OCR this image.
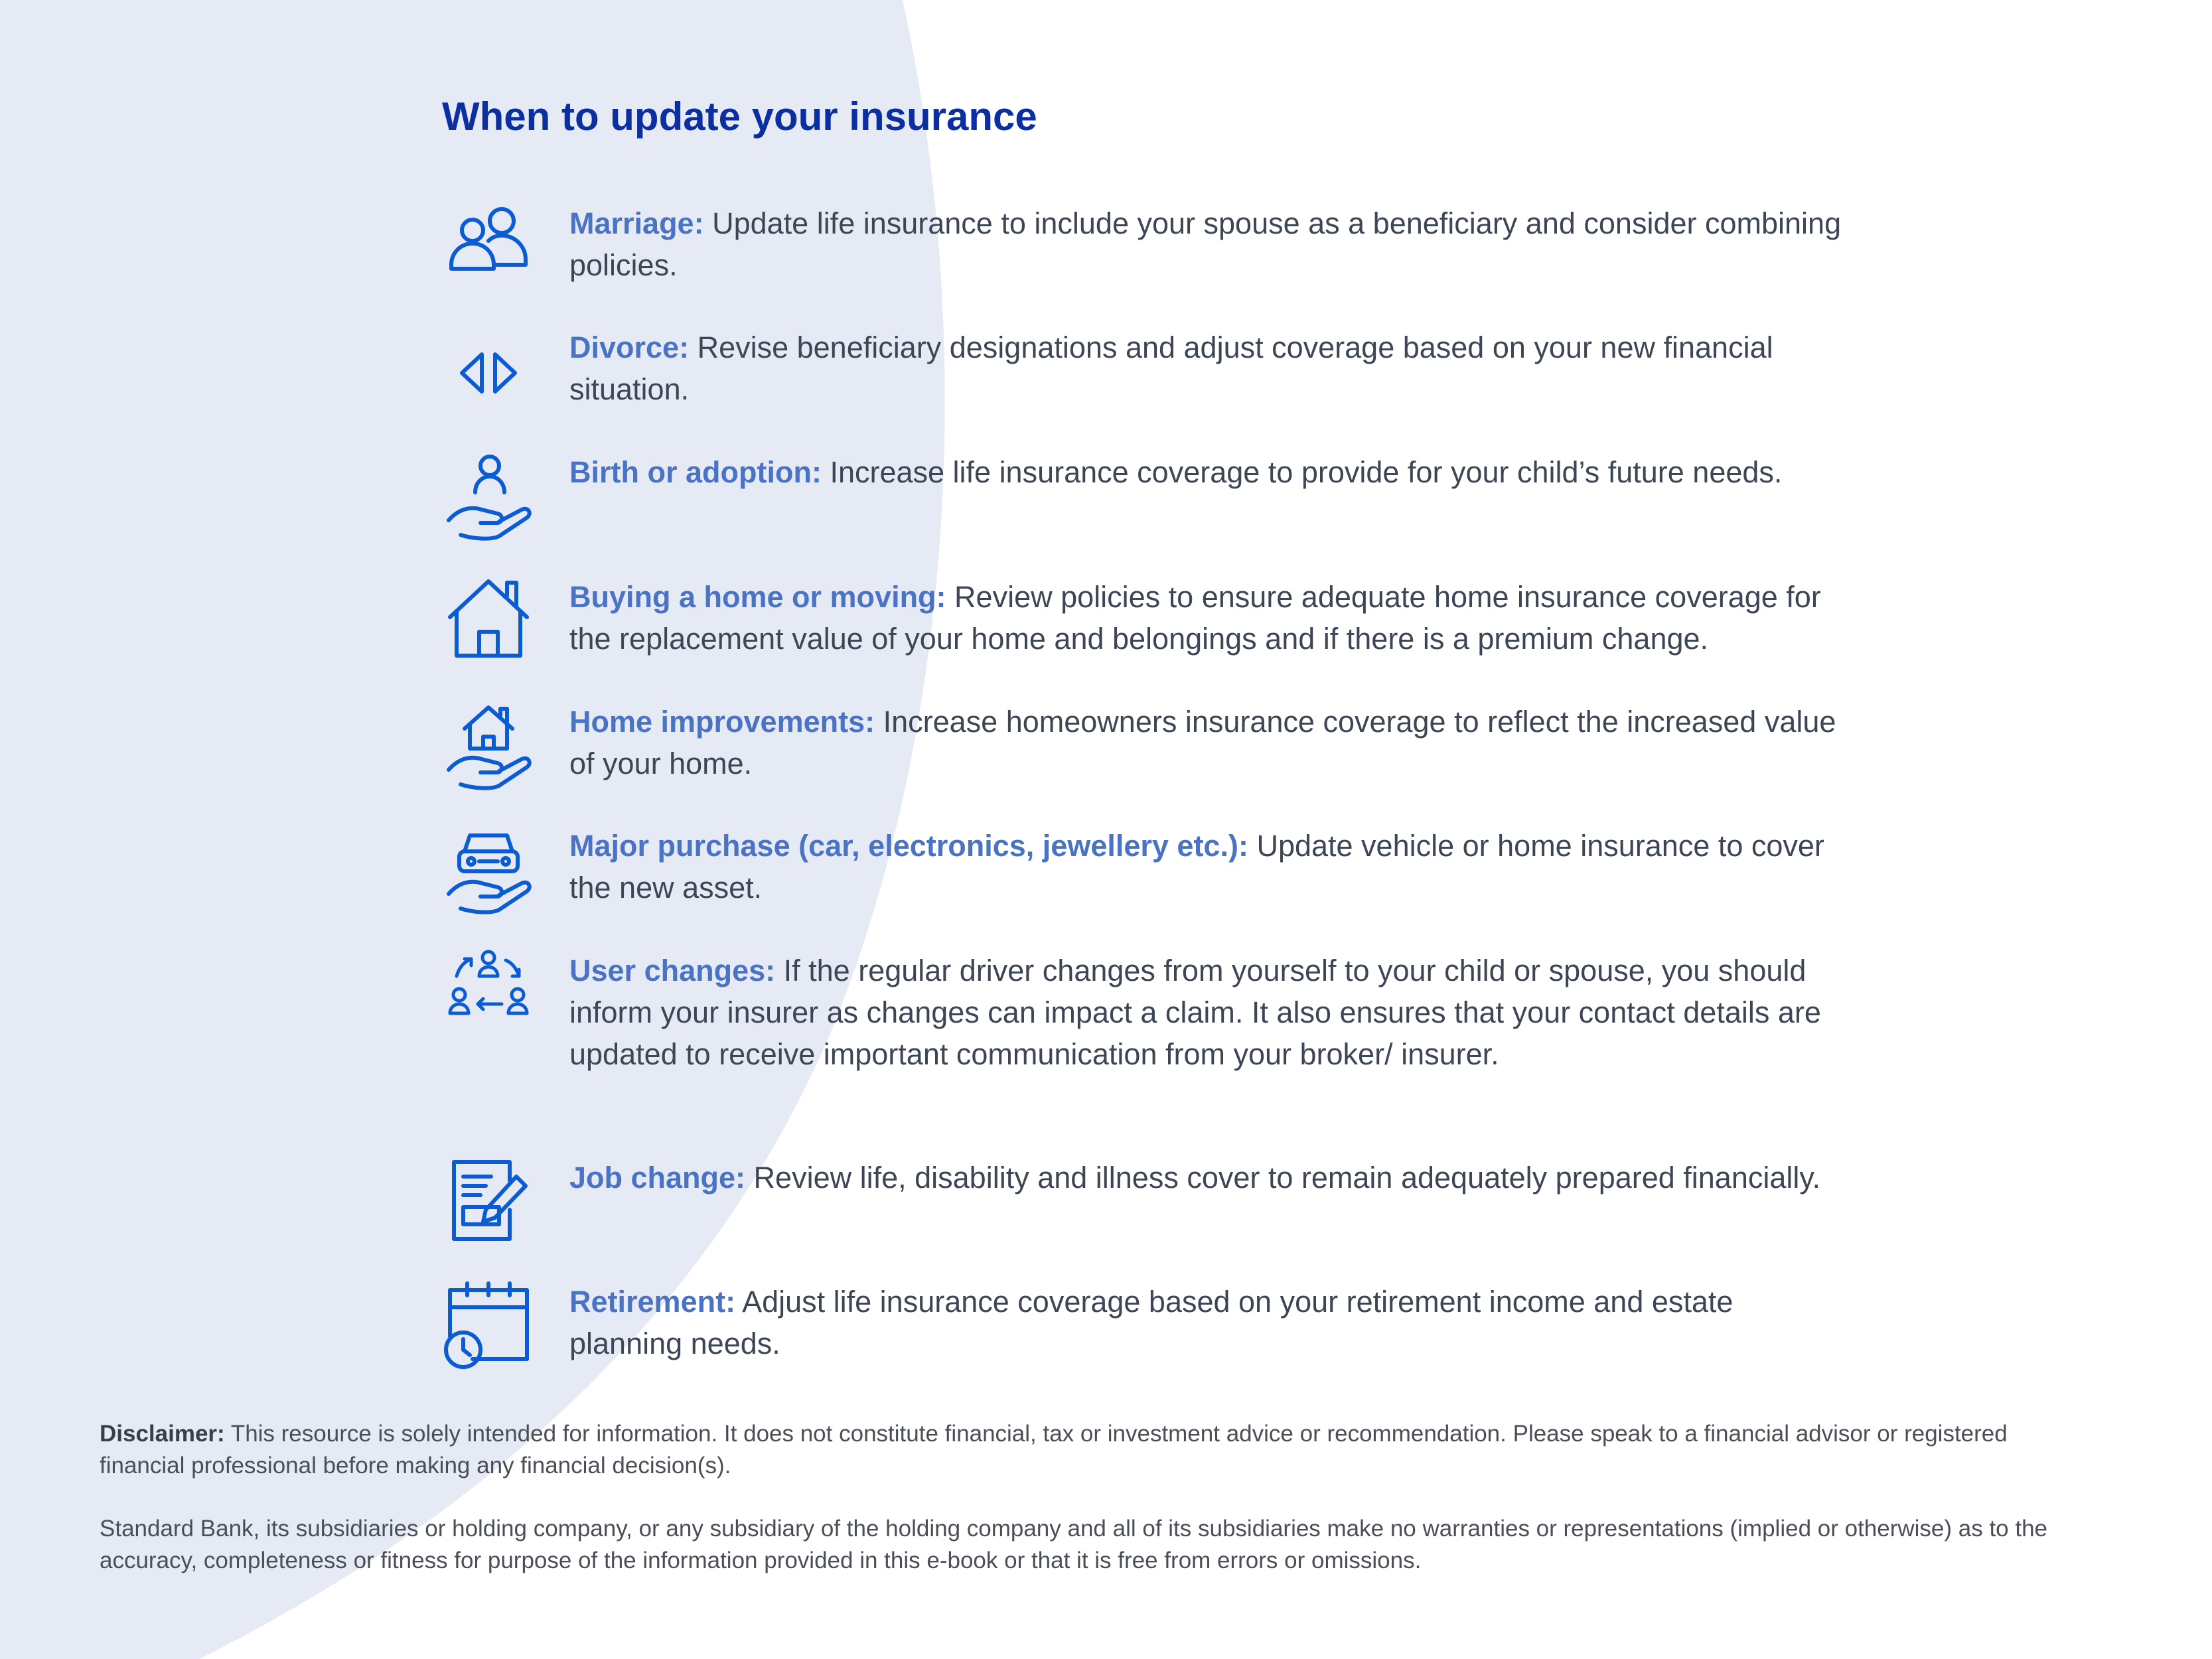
When to update your insurance

Marriage: Update life insurance to include your spouse as a beneficiary and consider combining policies.

Divorce: Revise beneficiary designations and adjust coverage based on your new financial situation.

Birth or adoption: Increase life insurance coverage to provide for your child’s future needs.

Buying a home or moving: Review policies to ensure adequate home insurance coverage for the replacement value of your home and belongings and if there is a premium change.

Home improvements: Increase homeowners insurance coverage to reflect the increased value of your home.

Major purchase (car, electronics, jewellery etc.): Update vehicle or home insurance to cover the new asset.

User changes: If the regular driver changes from yourself to your child or spouse, you should inform your insurer as changes can impact a claim. It also ensures that your contact details are updated to receive important communication from your broker/ insurer.

Job change: Review life, disability and illness cover to remain adequately prepared financially.

Retirement: Adjust life insurance coverage based on your retirement income and estate planning needs.

Disclaimer: This resource is solely intended for information. It does not constitute financial, tax or investment advice or recommendation. Please speak to a financial advisor or registered financial professional before making any financial decision(s).

Standard Bank, its subsidiaries or holding company, or any subsidiary of the holding company and all of its subsidiaries make no warranties or representations (implied or otherwise) as to the accuracy, completeness or fitness for purpose of the information provided in this e-book or that it is free from errors or omissions.
